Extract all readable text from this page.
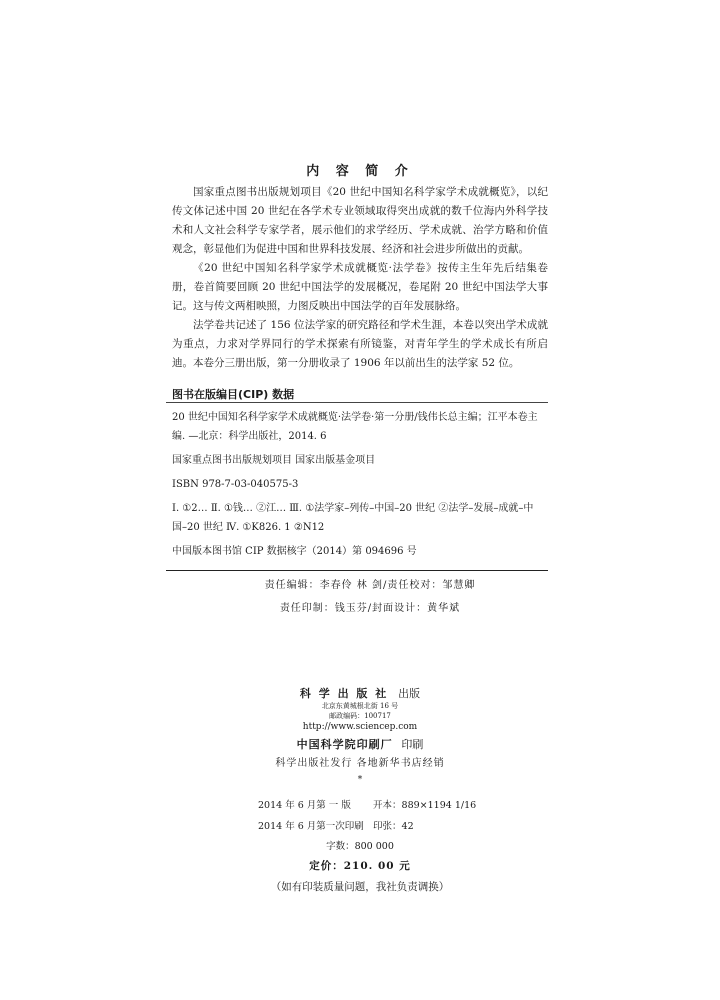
内 容 简 介

国家重点图书出版规划项目《20 世纪中国知名科学家学术成就概览》，以纪传文体记述中国 20 世纪在各学术专业领域取得突出成就的数千位海内外科学技术和人文社会科学专家学者，展示他们的求学经历、学术成就、治学方略和价值观念，彰显他们为促进中国和世界科技发展、经济和社会进步所做出的贡献。

《20 世纪中国知名科学家学术成就概览·法学卷》按传主生年先后结集卷册，卷首简要回顾 20 世纪中国法学的发展概况，卷尾附 20 世纪中国法学大事记。这与传文两相映照，力图反映出中国法学的百年发展脉络。

法学卷共记述了 156 位法学家的研究路径和学术生涯，本卷以突出学术成就为重点，力求对学界同行的学术探索有所镜鉴，对青年学生的学术成长有所启迪。本卷分三册出版，第一分册收录了 1906 年以前出生的法学家 52 位。

图书在版编目(CIP) 数据
20 世纪中国知名科学家学术成就概览·法学卷·第一分册/钱伟长总主编；江平本卷主编. —北京：科学出版社，2014. 6
国家重点图书出版规划项目 国家出版基金项目
ISBN 978-7-03-040575-3
Ⅰ. ①2… Ⅱ. ①钱… ②江… Ⅲ. ①法学家–列传–中国–20 世纪 ②法学–发展–成就–中国–20 世纪 Ⅳ. ①K826. 1 ②N12
中国版本图书馆 CIP 数据核字（2014）第 094696 号
责任编辑：李春伶 林 剑/责任校对：邹慧卿
责任印制：钱玉芬/封面设计：黄华斌
科 学 出 版 社 出版
北京东黄城根北街 16 号
邮政编码：100717
http://www.sciencep.com
中国科学院印刷厂 印刷
科学出版社发行 各地新华书店经销
*
2014 年 6 月第 一 版 开本：889×1194 1/16
2014 年 6 月第一次印刷 印张：42
字数：800 000
定价：210. 00 元
（如有印装质量问题，我社负责调换）
